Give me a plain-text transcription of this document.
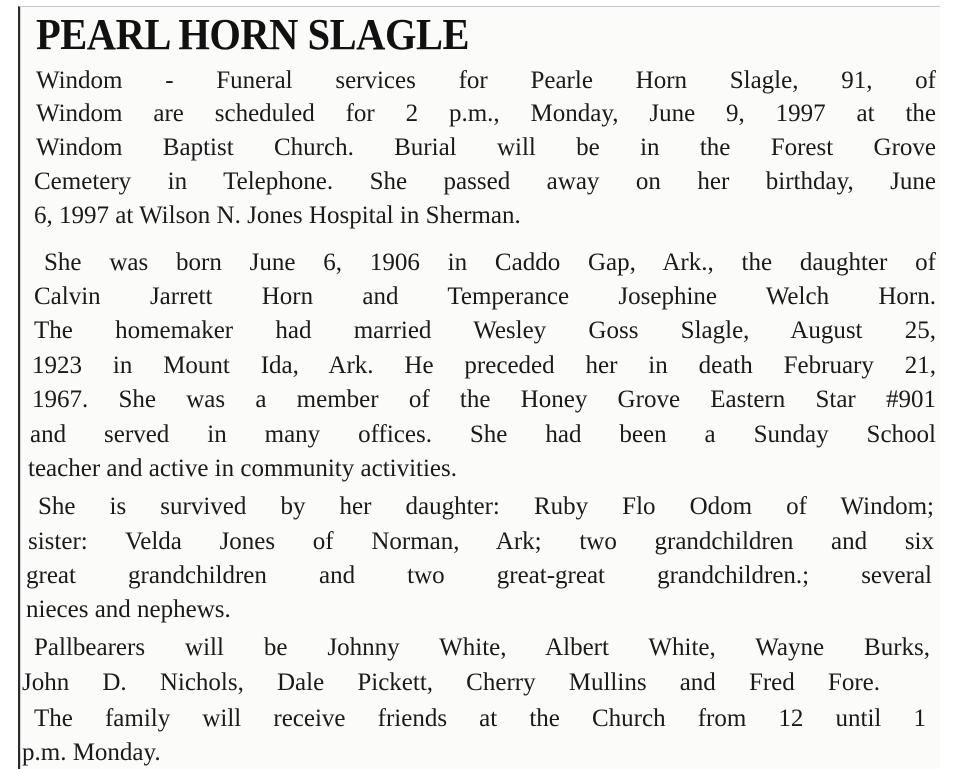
PEARL HORN SLAGLE
Windom - Funeral services for Pearle Horn Slagle, 91, of
Windom are scheduled for 2 p.m., Monday, June 9, 1997 at the
Windom Baptist Church. Burial will be in the Forest Grove
Cemetery in Telephone. She passed away on her birthday, June
6, 1997 at Wilson N. Jones Hospital in Sherman.
She was born June 6, 1906 in Caddo Gap, Ark., the daughter of
Calvin Jarrett Horn and Temperance Josephine Welch Horn.
The homemaker had married Wesley Goss Slagle, August 25,
1923 in Mount Ida, Ark. He preceded her in death February 21,
1967. She was a member of the Honey Grove Eastern Star #901
and served in many offices. She had been a Sunday School
teacher and active in community activities.
She is survived by her daughter: Ruby Flo Odom of Windom;
sister: Velda Jones of Norman, Ark; two grandchildren and six
great grandchildren and two great-great grandchildren.; several
nieces and nephews.
Pallbearers will be Johnny White, Albert White, Wayne Burks,
John D. Nichols, Dale Pickett, Cherry Mullins and Fred Fore.
The family will receive friends at the Church from 12 until 1
p.m. Monday.
